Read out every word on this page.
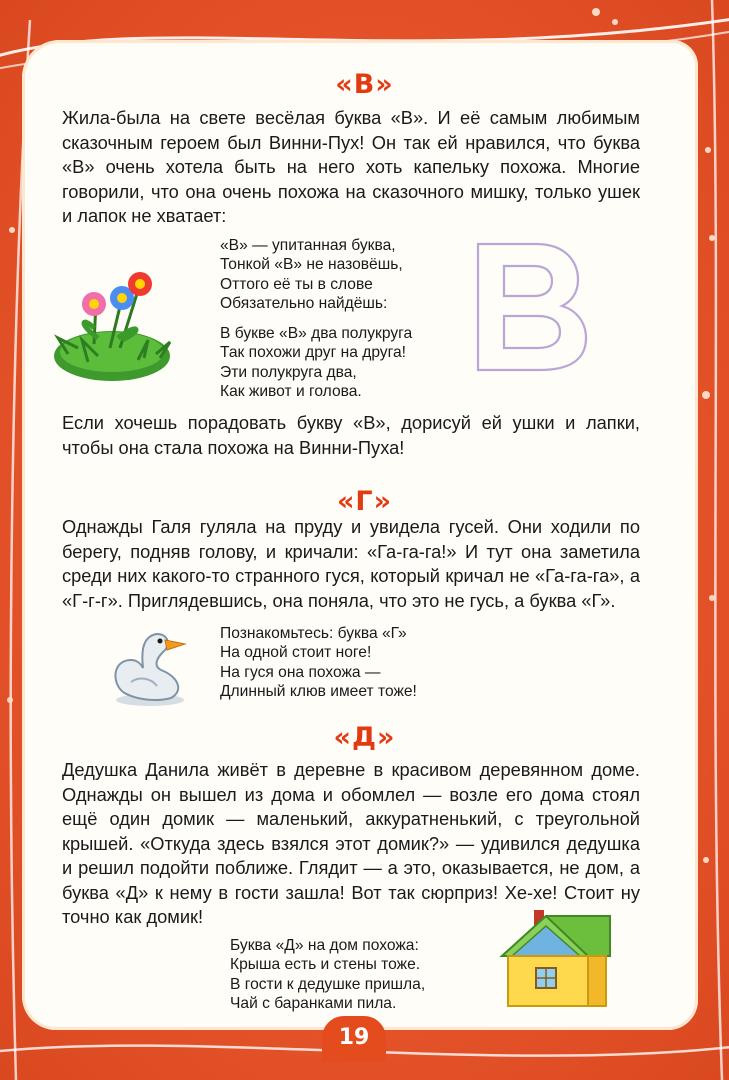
«В»

Жила-была на свете весёлая буква «В». И её самым любимым сказочным героем был Винни-Пух! Он так ей нравился, что буква «В» очень хотела быть на него хоть капельку похожа. Многие говорили, что она очень похожа на сказочного мишку, только ушек и лапок не хватает:

«В» — упитанная буква,
Тонкой «В» не назовёшь,
Оттого её ты в слове
Обязательно найдёшь:
В букве «В» два полукруга
Так похожи друг на друга!
Эти полукруга два,
Как живот и голова.

Если хочешь порадовать букву «В», дорисуй ей ушки и лапки, чтобы она стала похожа на Винни-Пуха!

«Г»

Однажды Галя гуляла на пруду и увидела гусей. Они ходили по берегу, подняв голову, и кричали: «Га-га-га!» И тут она заметила среди них какого-то странного гуся, который кричал не «Га-га-га», а «Г-г-г». Приглядевшись, она поняла, что это не гусь, а буква «Г».

Познакомьтесь: буква «Г»
На одной стоит ноге!
На гуся она похожа —
Длинный клюв имеет тоже!
«Д»

Дедушка Данила живёт в деревне в красивом деревянном доме. Однажды он вышел из дома и обомлел — возле его дома стоял ещё один домик — маленький, аккуратненький, с треугольной крышей. «Откуда здесь взялся этот домик?» — удивился дедушка и решил подойти поближе. Глядит — а это, оказывается, не дом, а буква «Д» к нему в гости зашла! Вот так сюрприз! Хе-хе! Стоит ну точно как домик!

Буква «Д» на дом похожа:
Крыша есть и стены тоже.
В гости к дедушке пришла,
Чай с баранками пила.
19
